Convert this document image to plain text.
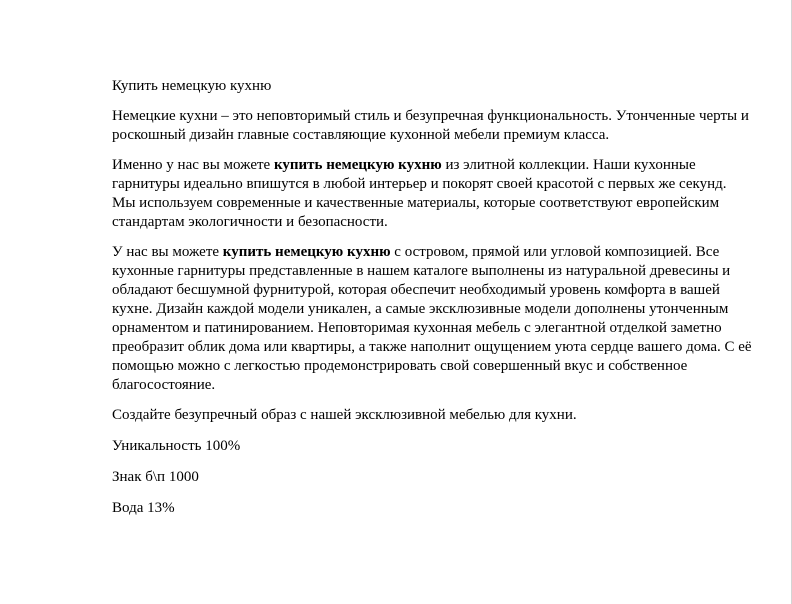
Купить немецкую кухню

Немецкие кухни – это неповторимый стиль и безупречная функциональность. Утонченные черты и роскошный дизайн главные составляющие кухонной мебели премиум класса.

Именно у нас вы можете купить немецкую кухню из элитной коллекции. Наши кухонные гарнитуры идеально впишутся в любой интерьер и покорят своей красотой с первых же секунд. Мы используем современные и качественные материалы, которые соответствуют европейским стандартам экологичности и безопасности.

У нас вы можете купить немецкую кухню с островом, прямой или угловой композицией. Все кухонные гарнитуры представленные в нашем каталоге выполнены из натуральной древесины и обладают бесшумной фурнитурой, которая обеспечит необходимый уровень комфорта в вашей кухне. Дизайн каждой модели уникален, а самые эксклюзивные модели дополнены утонченным орнаментом и патинированием. Неповторимая кухонная мебель с элегантной отделкой заметно преобразит облик дома или квартиры, а также наполнит ощущением уюта сердце вашего дома. С её помощью можно с легкостью продемонстрировать свой совершенный вкус и собственное благосостояние.

Создайте безупречный образ с нашей эксклюзивной мебелью для кухни.

Уникальность 100%

Знак б\п 1000

Вода 13%
